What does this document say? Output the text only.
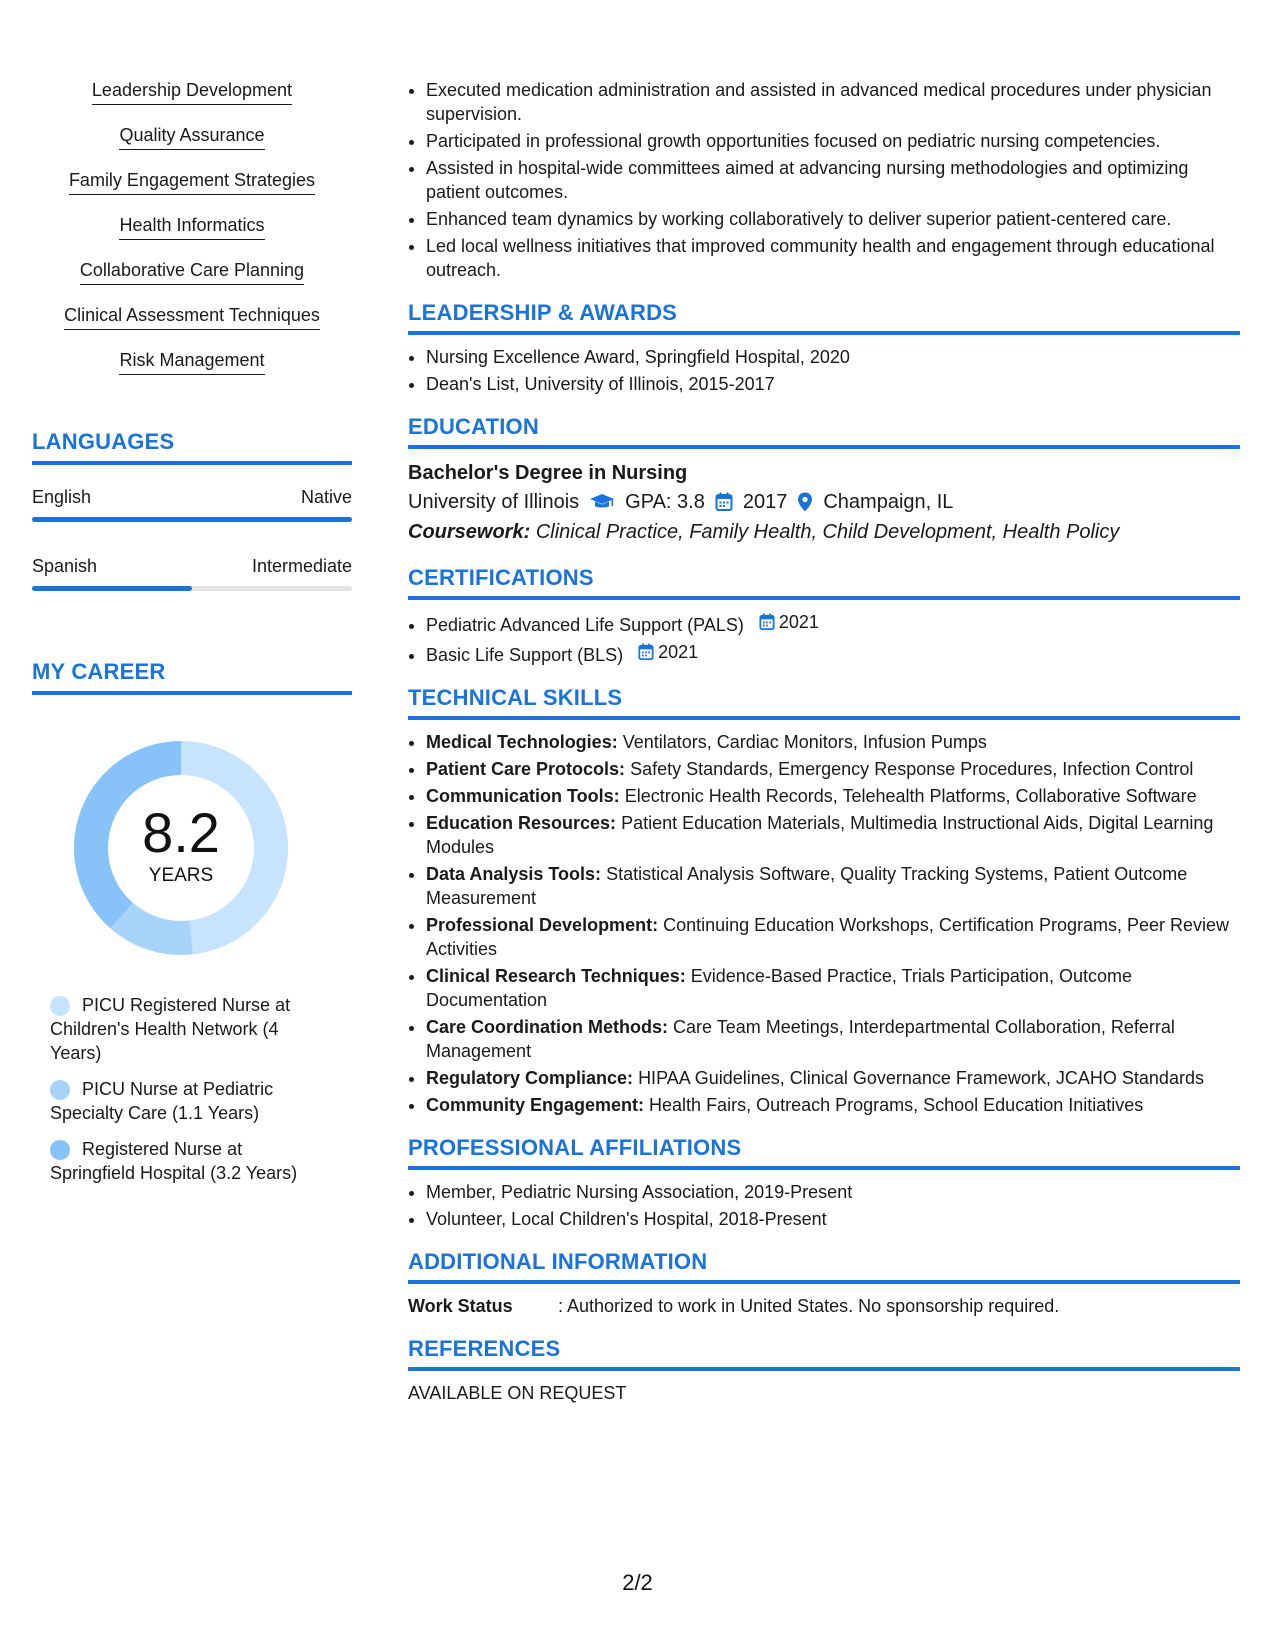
Leadership Development
Quality Assurance
Family Engagement Strategies
Health Informatics
Collaborative Care Planning
Clinical Assessment Techniques
Risk Management
LANGUAGES
English	Native
Spanish	Intermediate
MY CAREER
8.2
YEARS
PICU Registered Nurse at Children's Health Network (4 Years)
PICU Nurse at Pediatric Specialty Care (1.1 Years)
Registered Nurse at Springfield Hospital (3.2 Years)
• Executed medication administration and assisted in advanced medical procedures under physician supervision.
• Participated in professional growth opportunities focused on pediatric nursing competencies.
• Assisted in hospital-wide committees aimed at advancing nursing methodologies and optimizing patient outcomes.
• Enhanced team dynamics by working collaboratively to deliver superior patient-centered care.
• Led local wellness initiatives that improved community health and engagement through educational outreach.
LEADERSHIP & AWARDS
• Nursing Excellence Award, Springfield Hospital, 2020
• Dean's List, University of Illinois, 2015-2017
EDUCATION
Bachelor's Degree in Nursing
University of Illinois GPA: 3.8 2017 Champaign, IL
Coursework: Clinical Practice, Family Health, Child Development, Health Policy
CERTIFICATIONS
• Pediatric Advanced Life Support (PALS) 2021
• Basic Life Support (BLS) 2021
TECHNICAL SKILLS
• Medical Technologies: Ventilators, Cardiac Monitors, Infusion Pumps
• Patient Care Protocols: Safety Standards, Emergency Response Procedures, Infection Control
• Communication Tools: Electronic Health Records, Telehealth Platforms, Collaborative Software
• Education Resources: Patient Education Materials, Multimedia Instructional Aids, Digital Learning Modules
• Data Analysis Tools: Statistical Analysis Software, Quality Tracking Systems, Patient Outcome Measurement
• Professional Development: Continuing Education Workshops, Certification Programs, Peer Review Activities
• Clinical Research Techniques: Evidence-Based Practice, Trials Participation, Outcome Documentation
• Care Coordination Methods: Care Team Meetings, Interdepartmental Collaboration, Referral Management
• Regulatory Compliance: HIPAA Guidelines, Clinical Governance Framework, JCAHO Standards
• Community Engagement: Health Fairs, Outreach Programs, School Education Initiatives
PROFESSIONAL AFFILIATIONS
• Member, Pediatric Nursing Association, 2019-Present
• Volunteer, Local Children's Hospital, 2018-Present
ADDITIONAL INFORMATION
Work Status	: Authorized to work in United States. No sponsorship required.
REFERENCES
AVAILABLE ON REQUEST
2/2
